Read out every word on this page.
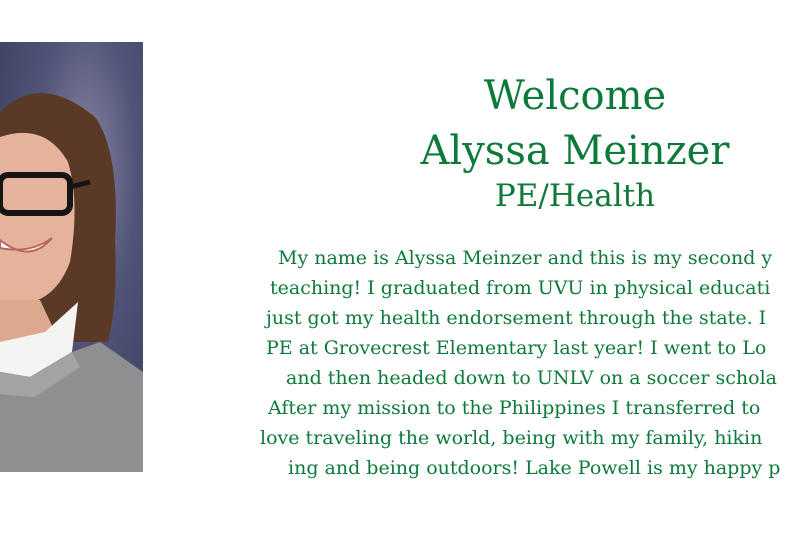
Welcome
Alyssa Meinzer
PE/Health
My name is Alyssa Meinzer and this is my second y
teaching! I graduated from UVU in physical educati
just got my health endorsement through the state. I
PE at Grovecrest Elementary last year! I went to Lo
and then headed down to UNLV on a soccer schola
After my mission to the Philippines I transferred to
love traveling the world, being with my family, hikin
ing and being outdoors! Lake Powell is my happy p
